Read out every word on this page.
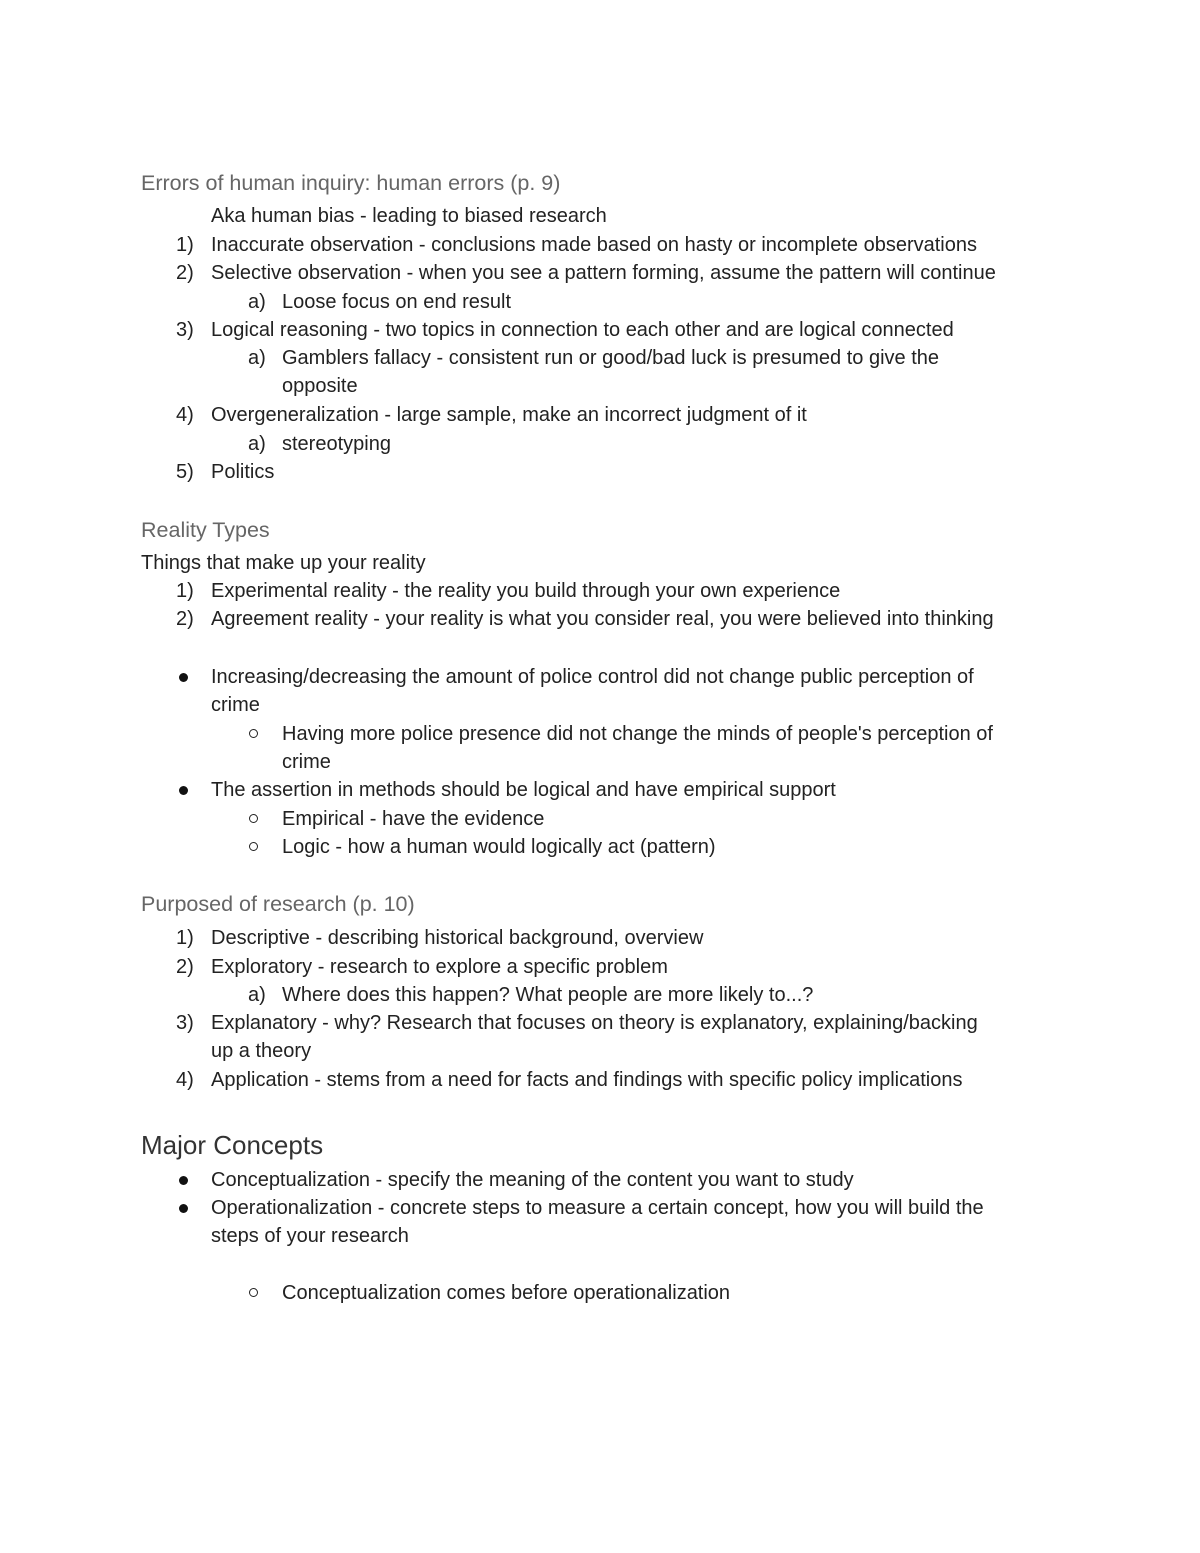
Errors of human inquiry: human errors (p. 9)
Aka human bias - leading to biased research
1) Inaccurate observation - conclusions made based on hasty or incomplete observations
2) Selective observation - when you see a pattern forming, assume the pattern will continue
a) Loose focus on end result
3) Logical reasoning - two topics in connection to each other and are logical connected
a) Gamblers fallacy - consistent run or good/bad luck is presumed to give the
opposite
4) Overgeneralization - large sample, make an incorrect judgment of it
a) stereotyping
5) Politics
Reality Types
Things that make up your reality
1) Experimental reality - the reality you build through your own experience
2) Agreement reality - your reality is what you consider real, you were believed into thinking
Increasing/decreasing the amount of police control did not change public perception of
crime
Having more police presence did not change the minds of people's perception of
crime
The assertion in methods should be logical and have empirical support
Empirical - have the evidence
Logic - how a human would logically act (pattern)
Purposed of research (p. 10)
1) Descriptive - describing historical background, overview
2) Exploratory - research to explore a specific problem
a) Where does this happen? What people are more likely to...?
3) Explanatory - why? Research that focuses on theory is explanatory, explaining/backing
up a theory
4) Application - stems from a need for facts and findings with specific policy implications
Major Concepts
Conceptualization - specify the meaning of the content you want to study
Operationalization - concrete steps to measure a certain concept, how you will build the
steps of your research
Conceptualization comes before operationalization
